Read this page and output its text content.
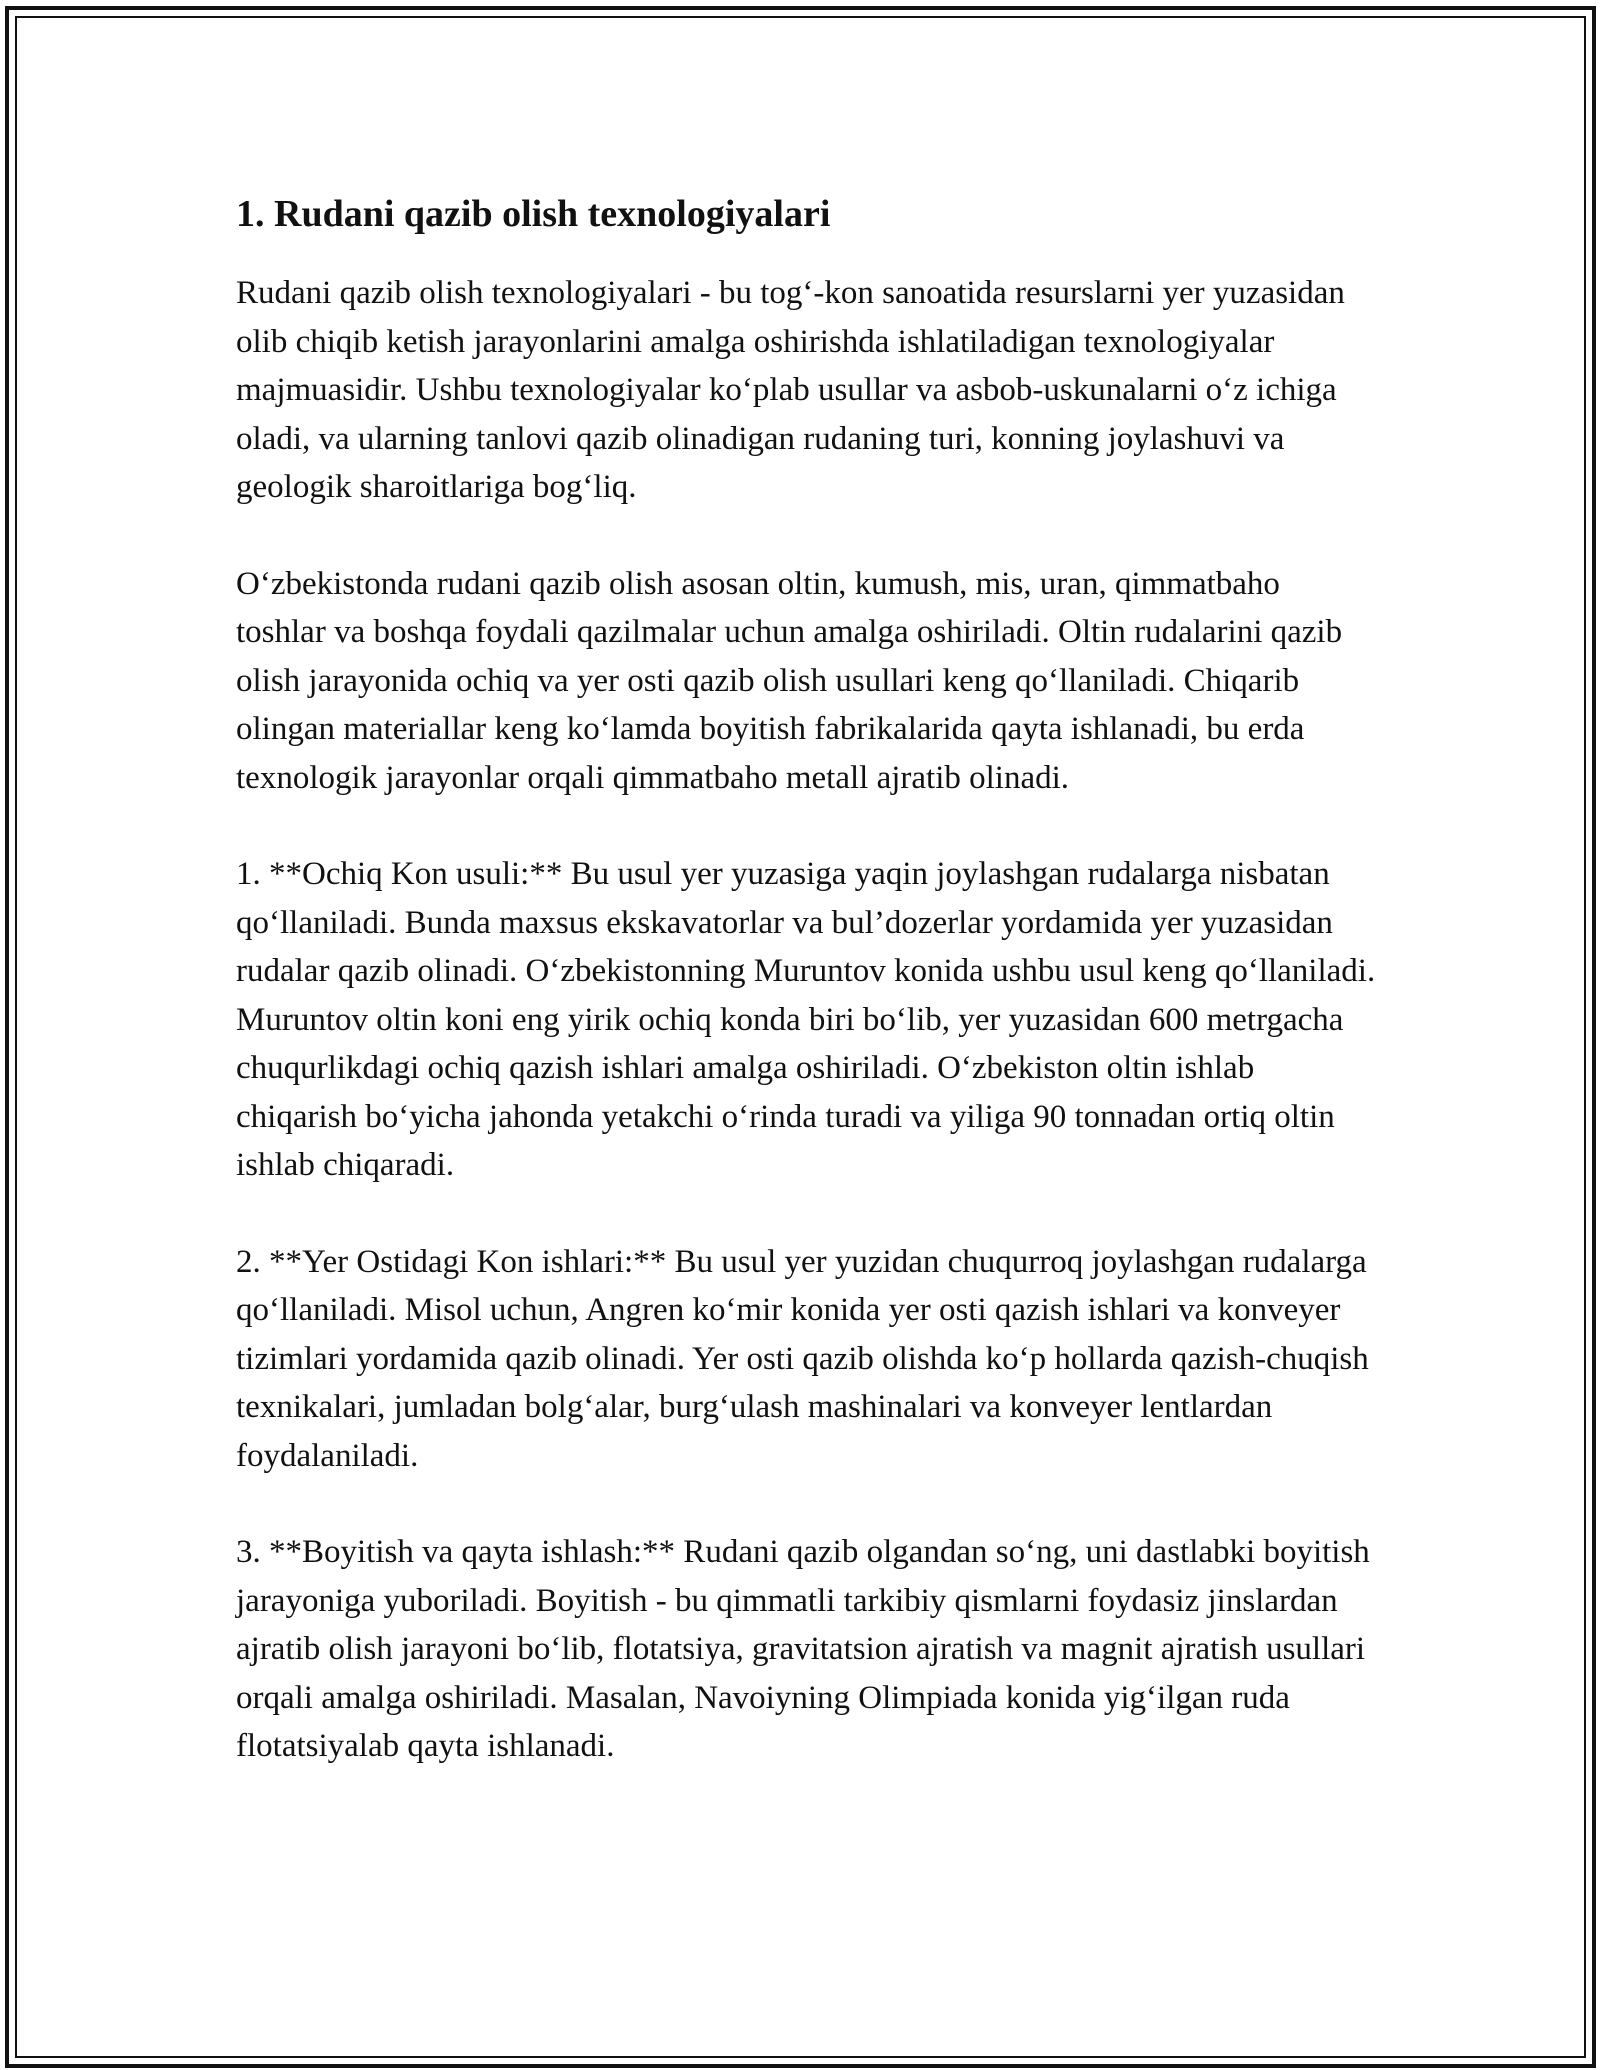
1. Rudani qazib olish texnologiyalari

Rudani qazib olish texnologiyalari - bu tog‘-kon sanoatida resurslarni yer yuzasidan olib chiqib ketish jarayonlarini amalga oshirishda ishlatiladigan texnologiyalar majmuasidir. Ushbu texnologiyalar ko‘plab usullar va asbob-uskunalarni o‘z ichiga oladi, va ularning tanlovi qazib olinadigan rudaning turi, konning joylashuvi va geologik sharoitlariga bog‘liq.

O‘zbekistonda rudani qazib olish asosan oltin, kumush, mis, uran, qimmatbaho toshlar va boshqa foydali qazilmalar uchun amalga oshiriladi. Oltin rudalarini qazib olish jarayonida ochiq va yer osti qazib olish usullari keng qo‘llaniladi. Chiqarib olingan materiallar keng ko‘lamda boyitish fabrikalarida qayta ishlanadi, bu erda texnologik jarayonlar orqali qimmatbaho metall ajratib olinadi.

1. **Ochiq Kon usuli:** Bu usul yer yuzasiga yaqin joylashgan rudalarga nisbatan qo‘llaniladi. Bunda maxsus ekskavatorlar va bul’dozerlar yordamida yer yuzasidan rudalar qazib olinadi. O‘zbekistonning Muruntov konida ushbu usul keng qo‘llaniladi. Muruntov oltin koni eng yirik ochiq konda biri bo‘lib, yer yuzasidan 600 metrgacha chuqurlikdagi ochiq qazish ishlari amalga oshiriladi. O‘zbekiston oltin ishlab chiqarish bo‘yicha jahonda yetakchi o‘rinda turadi va yiliga 90 tonnadan ortiq oltin ishlab chiqaradi.

2. **Yer Ostidagi Kon ishlari:** Bu usul yer yuzidan chuqurroq joylashgan rudalarga qo‘llaniladi. Misol uchun, Angren ko‘mir konida yer osti qazish ishlari va konveyer tizimlari yordamida qazib olinadi. Yer osti qazib olishda ko‘p hollarda qazish-chuqish texnikalari, jumladan bolg‘alar, burg‘ulash mashinalari va konveyer lentlardan foydalaniladi.

3. **Boyitish va qayta ishlash:** Rudani qazib olgandan so‘ng, uni dastlabki boyitish jarayoniga yuboriladi. Boyitish - bu qimmatli tarkibiy qismlarni foydasiz jinslardan ajratib olish jarayoni bo‘lib, flotatsiya, gravitatsion ajratish va magnit ajratish usullari orqali amalga oshiriladi. Masalan, Navoiyning Olimpiada konida yig‘ilgan ruda flotatsiyalab qayta ishlanadi.
